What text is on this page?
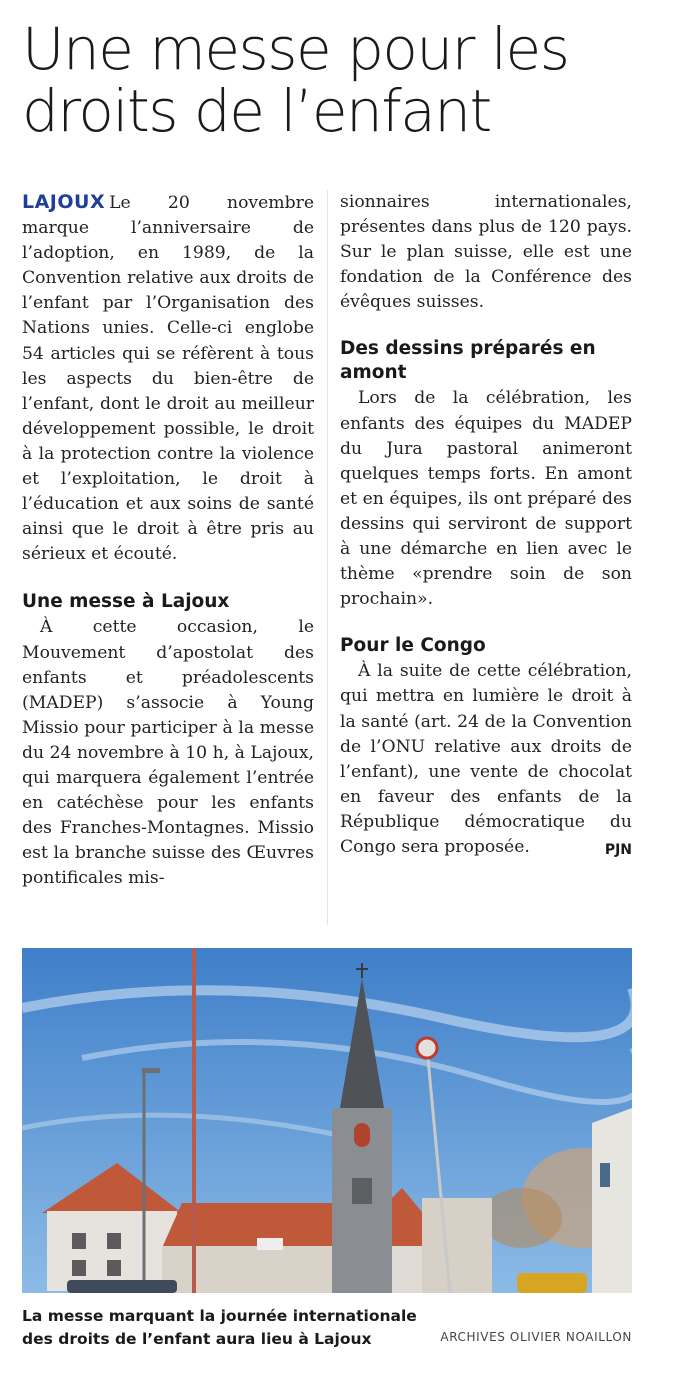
Une messe pour les droits de l’enfant

LAJOUX Le 20 novembre marque l’anniversaire de l’adoption, en 1989, de la Convention relative aux droits de l’enfant par l’Organisation des Nations unies. Celle-ci englobe 54 articles qui se réfèrent à tous les aspects du bien-être de l’enfant, dont le droit au meilleur développement possible, le droit à la protection contre la violence et l’exploitation, le droit à l’éducation et aux soins de santé ainsi que le droit à être pris au sérieux et écouté.

Une messe à Lajoux

À cette occasion, le Mouvement d’apostolat des enfants et préadolescents (MADEP) s’associe à Young Missio pour participer à la messe du 24 novembre à 10 h, à Lajoux, qui marquera également l’entrée en catéchèse pour les enfants des Franches-Montagnes. Missio est la branche suisse des Œuvres pontificales mis-

sionnaires internationales, présentes dans plus de 120 pays. Sur le plan suisse, elle est une fondation de la Conférence des évêques suisses.

Des dessins préparés en amont

Lors de la célébration, les enfants des équipes du MADEP du Jura pastoral animeront quelques temps forts. En amont et en équipes, ils ont préparé des dessins qui serviront de support à une démarche en lien avec le thème «prendre soin de son prochain».

Pour le Congo

À la suite de cette célébration, qui mettra en lumière le droit à la santé (art. 24 de la Convention de l’ONU relative aux droits de l’enfant), une vente de chocolat en faveur des enfants de la République démocratique du Congo sera proposée.	PJN
La messe marquant la journée internationale des droits de l’enfant aura lieu à Lajoux	ARCHIVES OLIVIER NOAILLON
